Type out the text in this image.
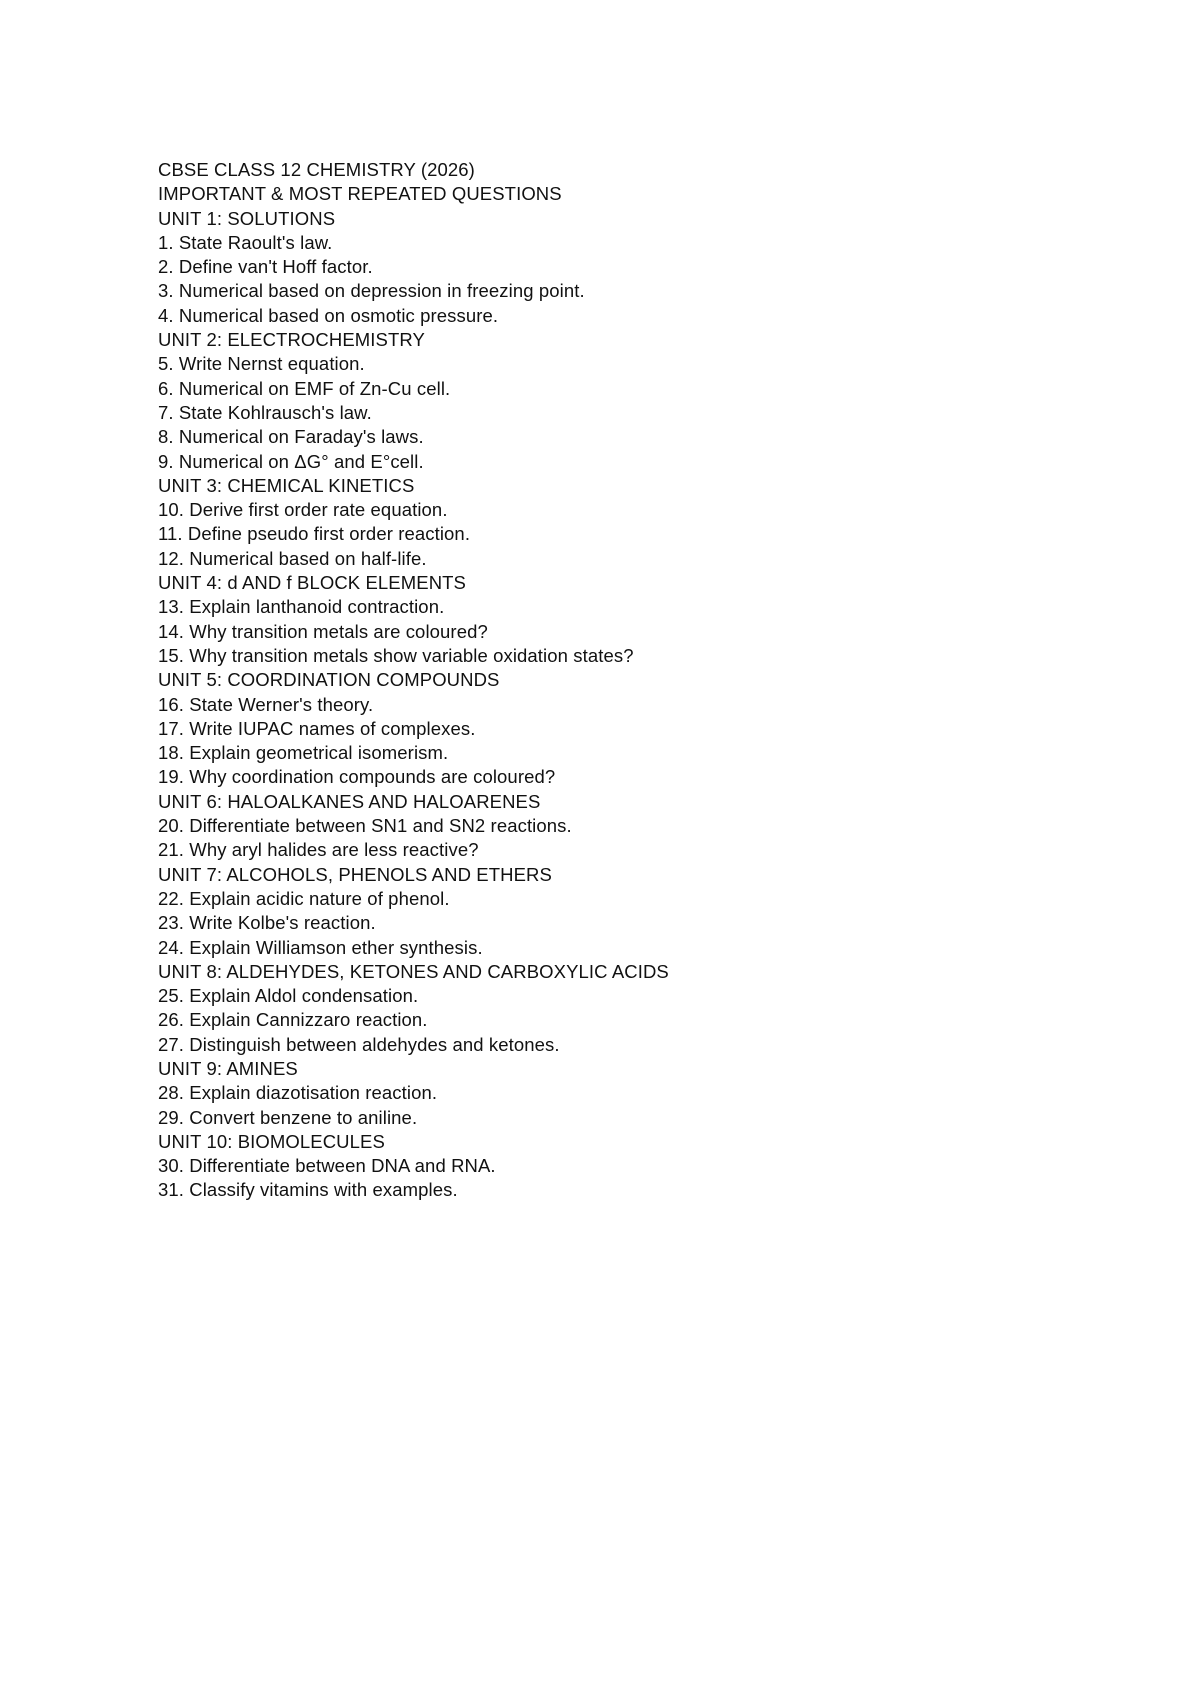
CBSE CLASS 12 CHEMISTRY (2026)
IMPORTANT & MOST REPEATED QUESTIONS
UNIT 1: SOLUTIONS
1. State Raoult's law.
2. Define van't Hoff factor.
3. Numerical based on depression in freezing point.
4. Numerical based on osmotic pressure.
UNIT 2: ELECTROCHEMISTRY
5. Write Nernst equation.
6. Numerical on EMF of Zn-Cu cell.
7. State Kohlrausch's law.
8. Numerical on Faraday's laws.
9. Numerical on ΔG° and E°cell.
UNIT 3: CHEMICAL KINETICS
10. Derive first order rate equation.
11. Define pseudo first order reaction.
12. Numerical based on half-life.
UNIT 4: d AND f BLOCK ELEMENTS
13. Explain lanthanoid contraction.
14. Why transition metals are coloured?
15. Why transition metals show variable oxidation states?
UNIT 5: COORDINATION COMPOUNDS
16. State Werner's theory.
17. Write IUPAC names of complexes.
18. Explain geometrical isomerism.
19. Why coordination compounds are coloured?
UNIT 6: HALOALKANES AND HALOARENES
20. Differentiate between SN1 and SN2 reactions.
21. Why aryl halides are less reactive?
UNIT 7: ALCOHOLS, PHENOLS AND ETHERS
22. Explain acidic nature of phenol.
23. Write Kolbe's reaction.
24. Explain Williamson ether synthesis.
UNIT 8: ALDEHYDES, KETONES AND CARBOXYLIC ACIDS
25. Explain Aldol condensation.
26. Explain Cannizzaro reaction.
27. Distinguish between aldehydes and ketones.
UNIT 9: AMINES
28. Explain diazotisation reaction.
29. Convert benzene to aniline.
UNIT 10: BIOMOLECULES
30. Differentiate between DNA and RNA.
31. Classify vitamins with examples.
